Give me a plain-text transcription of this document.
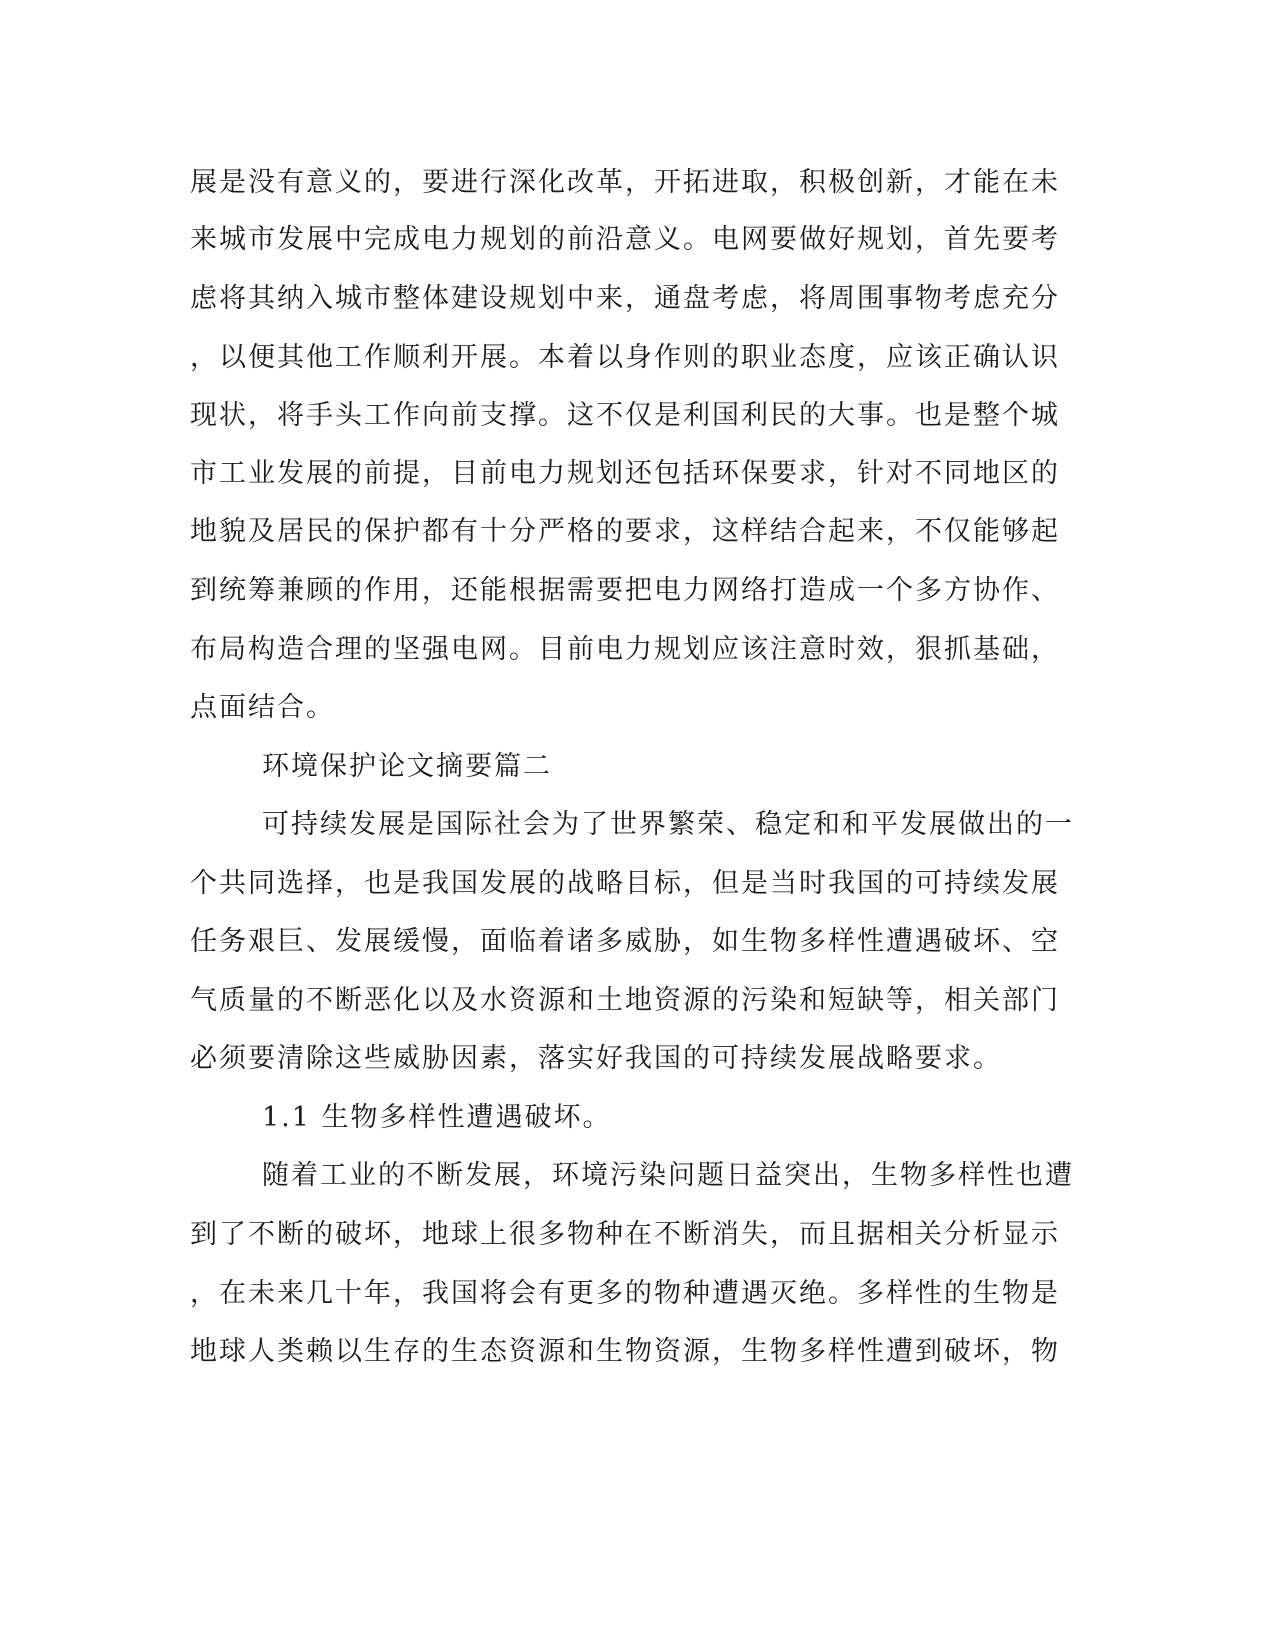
展是没有意义的，要进行深化改革，开拓进取，积极创新，才能在未
来城市发展中完成电力规划的前沿意义。电网要做好规划，首先要考
虑将其纳入城市整体建设规划中来，通盘考虑，将周围事物考虑充分
，以便其他工作顺利开展。本着以身作则的职业态度，应该正确认识
现状，将手头工作向前支撑。这不仅是利国利民的大事。也是整个城
市工业发展的前提，目前电力规划还包括环保要求，针对不同地区的
地貌及居民的保护都有十分严格的要求，这样结合起来，不仅能够起
到统筹兼顾的作用，还能根据需要把电力网络打造成一个多方协作、
布局构造合理的坚强电网。目前电力规划应该注意时效，狠抓基础，
点面结合。
环境保护论文摘要篇二
可持续发展是国际社会为了世界繁荣、稳定和和平发展做出的一
个共同选择，也是我国发展的战略目标，但是当时我国的可持续发展
任务艰巨、发展缓慢，面临着诸多威胁，如生物多样性遭遇破坏、空
气质量的不断恶化以及水资源和土地资源的污染和短缺等，相关部门
必须要清除这些威胁因素，落实好我国的可持续发展战略要求。
1.1 生物多样性遭遇破坏。
随着工业的不断发展，环境污染问题日益突出，生物多样性也遭
到了不断的破坏，地球上很多物种在不断消失，而且据相关分析显示
，在未来几十年，我国将会有更多的物种遭遇灭绝。多样性的生物是
地球人类赖以生存的生态资源和生物资源，生物多样性遭到破坏，物
